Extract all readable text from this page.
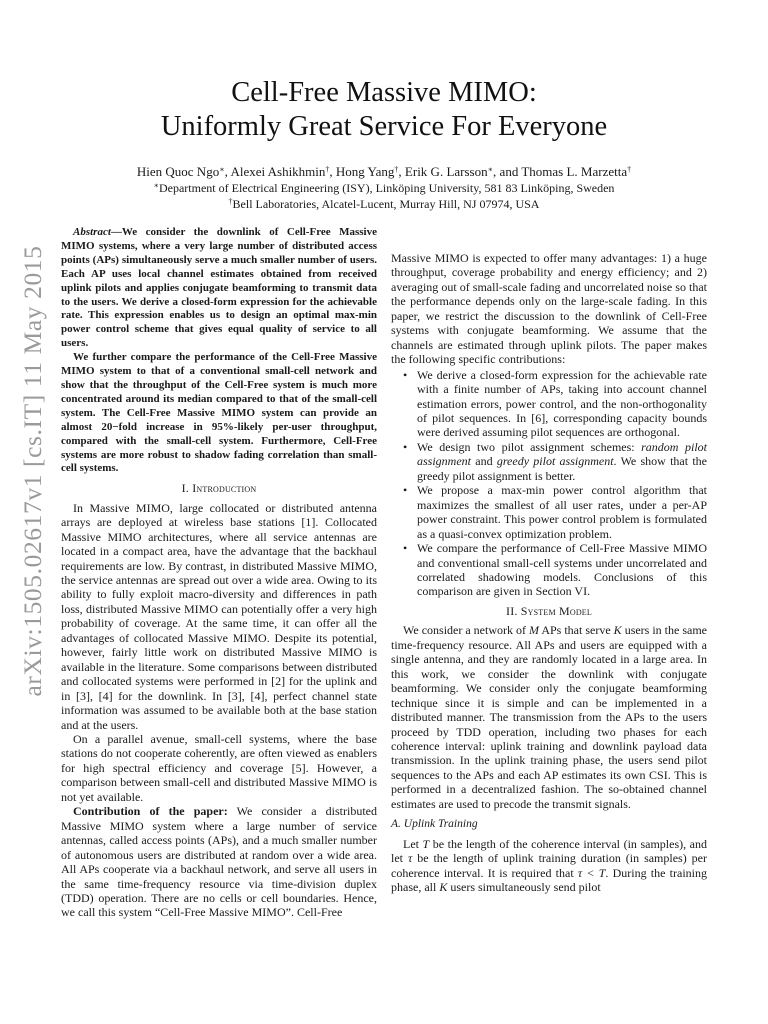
arXiv:1505.02617v1 [cs.IT] 11 May 2015
Cell-Free Massive MIMO:
Uniformly Great Service For Everyone
Hien Quoc Ngo∗, Alexei Ashikhmin†, Hong Yang†, Erik G. Larsson∗, and Thomas L. Marzetta†
∗Department of Electrical Engineering (ISY), Linköping University, 581 83 Linköping, Sweden
†Bell Laboratories, Alcatel-Lucent, Murray Hill, NJ 07974, USA

Abstract—We consider the downlink of Cell-Free Massive MIMO systems, where a very large number of distributed access points (APs) simultaneously serve a much smaller number of users. Each AP uses local channel estimates obtained from received uplink pilots and applies conjugate beamforming to transmit data to the users. We derive a closed-form expression for the achievable rate. This expression enables us to design an optimal max-min power control scheme that gives equal quality of service to all users.

We further compare the performance of the Cell-Free Massive MIMO system to that of a conventional small-cell network and show that the throughput of the Cell-Free system is much more concentrated around its median compared to that of the small-cell system. The Cell-Free Massive MIMO system can provide an almost 20−fold increase in 95%-likely per-user throughput, compared with the small-cell system. Furthermore, Cell-Free systems are more robust to shadow fading correlation than small-cell systems.

I. Introduction

In Massive MIMO, large collocated or distributed antenna arrays are deployed at wireless base stations [1]. Collocated Massive MIMO architectures, where all service antennas are located in a compact area, have the advantage that the backhaul requirements are low. By contrast, in distributed Massive MIMO, the service antennas are spread out over a wide area. Owing to its ability to fully exploit macro-diversity and differences in path loss, distributed Massive MIMO can potentially offer a very high probability of coverage. At the same time, it can offer all the advantages of collocated Massive MIMO. Despite its potential, however, fairly little work on distributed Massive MIMO is available in the literature. Some comparisons between distributed and collocated systems were performed in [2] for the uplink and in [3], [4] for the downlink. In [3], [4], perfect channel state information was assumed to be available both at the base station and at the users.

On a parallel avenue, small-cell systems, where the base stations do not cooperate coherently, are often viewed as enablers for high spectral efficiency and coverage [5]. However, a comparison between small-cell and distributed Massive MIMO is not yet available.

Contribution of the paper: We consider a distributed Massive MIMO system where a large number of service antennas, called access points (APs), and a much smaller number of autonomous users are distributed at random over a wide area. All APs cooperate via a backhaul network, and serve all users in the same time-frequency resource via time-division duplex (TDD) operation. There are no cells or cell boundaries. Hence, we call this system “Cell-Free Massive MIMO”. Cell-Free

Massive MIMO is expected to offer many advantages: 1) a huge throughput, coverage probability and energy efficiency; and 2) averaging out of small-scale fading and uncorrelated noise so that the performance depends only on the large-scale fading. In this paper, we restrict the discussion to the downlink of Cell-Free systems with conjugate beamforming. We assume that the channels are estimated through uplink pilots. The paper makes the following specific contributions:

• We derive a closed-form expression for the achievable rate with a finite number of APs, taking into account channel estimation errors, power control, and the non-orthogonality of pilot sequences. In [6], corresponding capacity bounds were derived assuming pilot sequences are orthogonal.
• We design two pilot assignment schemes: random pilot assignment and greedy pilot assignment. We show that the greedy pilot assignment is better.
• We propose a max-min power control algorithm that maximizes the smallest of all user rates, under a per-AP power constraint. This power control problem is formulated as a quasi-convex optimization problem.
• We compare the performance of Cell-Free Massive MIMO and conventional small-cell systems under uncorrelated and correlated shadowing models. Conclusions of this comparison are given in Section VI.
II. System Model

We consider a network of M APs that serve K users in the same time-frequency resource. All APs and users are equipped with a single antenna, and they are randomly located in a large area. In this work, we consider the downlink with conjugate beamforming. We consider only the conjugate beamforming technique since it is simple and can be implemented in a distributed manner. The transmission from the APs to the users proceed by TDD operation, including two phases for each coherence interval: uplink training and downlink payload data transmission. In the uplink training phase, the users send pilot sequences to the APs and each AP estimates its own CSI. This is performed in a decentralized fashion. The so-obtained channel estimates are used to precode the transmit signals.

A. Uplink Training

Let T be the length of the coherence interval (in samples), and let τ be the length of uplink training duration (in samples) per coherence interval. It is required that τ < T. During the training phase, all K users simultaneously send pilot
